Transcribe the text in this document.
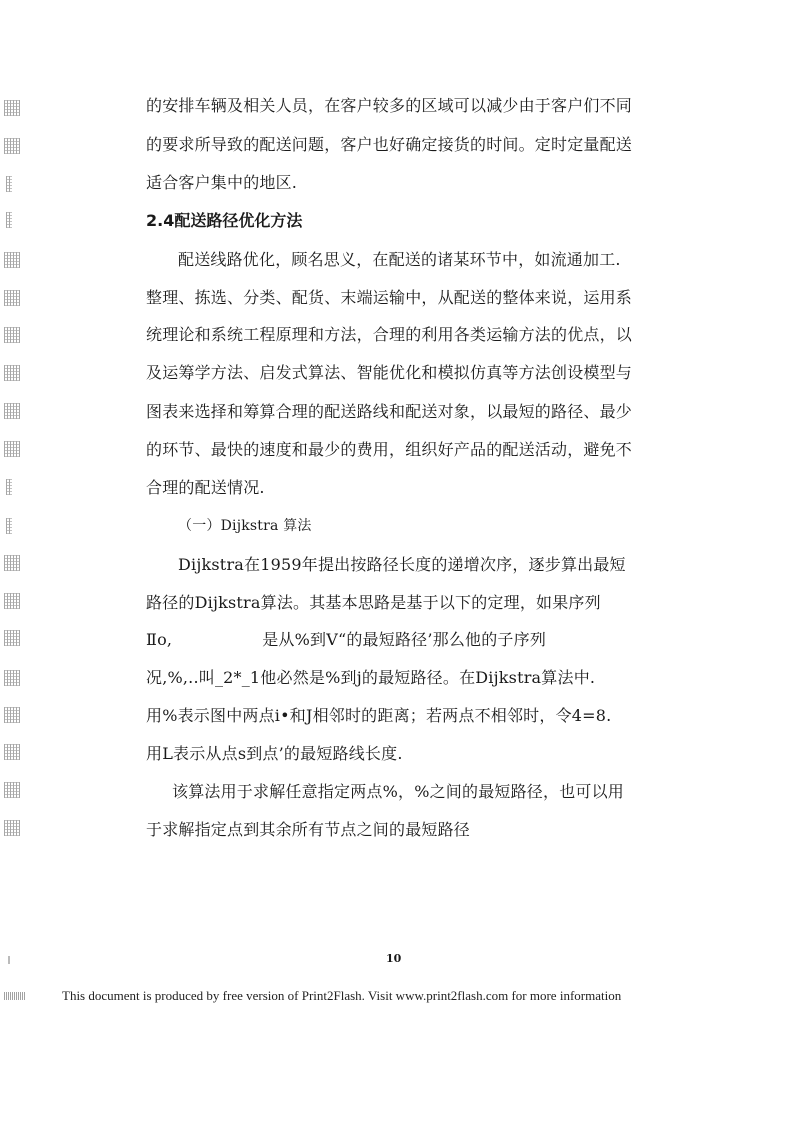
的安排车辆及相关人员，在客户较多的区域可以减少由于客户们不同
的要求所导致的配送问题，客户也好确定接货的时间。定时定量配送
适合客户集中的地区.
2.4配送路径优化方法
配送线路优化，顾名思义，在配送的诸某环节中，如流通加工.
整理、拣选、分类、配货、末端运输中，从配送的整体来说，运用系
统理论和系统工程原理和方法，合理的利用各类运输方法的优点，以
及运筹学方法、启发式算法、智能优化和模拟仿真等方法创设模型与
图表来选择和筹算合理的配送路线和配送对象，以最短的路径、最少
的环节、最快的速度和最少的费用，组织好产品的配送活动，避免不
合理的配送情况.
（一）Dijkstra 算法
Dijkstra在1959年提出按路径长度的递增次序，逐步算出最短
路径的Dijkstra算法。其基本思路是基于以下的定理，如果序列
Ⅱo,	是从%到V“的最短路径’那么他的子序列
况,%,..叫_2*_1他必然是%到j的最短路径。在Dijkstra算法中.
用%表示图中两点i•和J相邻时的距离；若两点不相邻时，令4=8.
用L表示从点s到点’的最短路线长度.
该算法用于求解任意指定两点%，%之间的最短路径，也可以用
于求解指定点到其余所有节点之间的最短路径
10
This document is produced by free version of Print2Flash. Visit www.print2flash.com for more information
